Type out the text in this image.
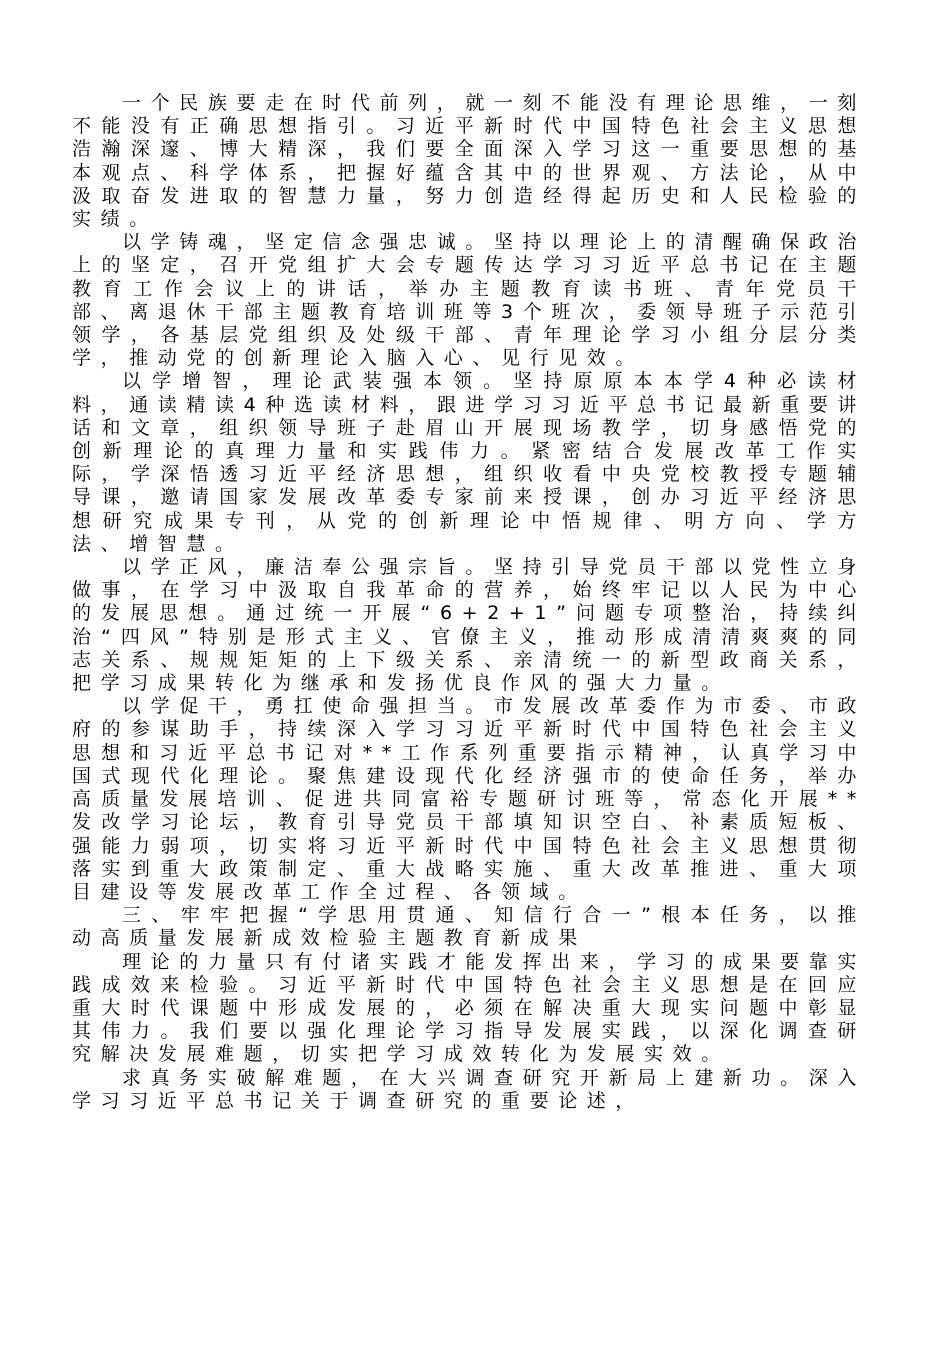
一个民族要走在时代前列，就一刻不能没有理论思维，一刻不能没有正确思想指引。习近平新时代中国特色社会主义思想浩瀚深邃、博大精深，我们要全面深入学习这一重要思想的基本观点、科学体系，把握好蕴含其中的世界观、方法论，从中汲取奋发进取的智慧力量，努力创造经得起历史和人民检验的实绩。

以学铸魂，坚定信念强忠诚。坚持以理论上的清醒确保政治上的坚定，召开党组扩大会专题传达学习习近平总书记在主题教育工作会议上的讲话，举办主题教育读书班、青年党员干部、离退休干部主题教育培训班等3个班次，委领导班子示范引领学，各基层党组织及处级干部、青年理论学习小组分层分类学，推动党的创新理论入脑入心、见行见效。

以学增智，理论武装强本领。坚持原原本本学4种必读材料，通读精读4种选读材料，跟进学习习近平总书记最新重要讲话和文章，组织领导班子赴眉山开展现场教学，切身感悟党的创新理论的真理力量和实践伟力。紧密结合发展改革工作实际，学深悟透习近平经济思想，组织收看中央党校教授专题辅导课，邀请国家发展改革委专家前来授课，创办习近平经济思想研究成果专刊，从党的创新理论中悟规律、明方向、学方法、增智慧。

以学正风，廉洁奉公强宗旨。坚持引导党员干部以党性立身做事，在学习中汲取自我革命的营养，始终牢记以人民为中心的发展思想。通过统一开展“6+2+1”问题专项整治，持续纠治“四风”特别是形式主义、官僚主义，推动形成清清爽爽的同志关系、规规矩矩的上下级关系、亲清统一的新型政商关系，把学习成果转化为继承和发扬优良作风的强大力量。

以学促干，勇扛使命强担当。市发展改革委作为市委、市政府的参谋助手，持续深入学习习近平新时代中国特色社会主义思想和习近平总书记对**工作系列重要指示精神，认真学习中国式现代化理论。聚焦建设现代化经济强市的使命任务，举办高质量发展培训、促进共同富裕专题研讨班等，常态化开展**发改学习论坛，教育引导党员干部填知识空白、补素质短板、强能力弱项，切实将习近平新时代中国特色社会主义思想贯彻落实到重大政策制定、重大战略实施、重大改革推进、重大项目建设等发展改革工作全过程、各领域。

三、牢牢把握“学思用贯通、知信行合一”根本任务，以推动高质量发展新成效检验主题教育新成果

理论的力量只有付诸实践才能发挥出来，学习的成果要靠实践成效来检验。习近平新时代中国特色社会主义思想是在回应重大时代课题中形成发展的，必须在解决重大现实问题中彰显其伟力。我们要以强化理论学习指导发展实践，以深化调查研究解决发展难题，切实把学习成效转化为发展实效。

求真务实破解难题，在大兴调查研究开新局上建新功。深入学习习近平总书记关于调查研究的重要论述，
